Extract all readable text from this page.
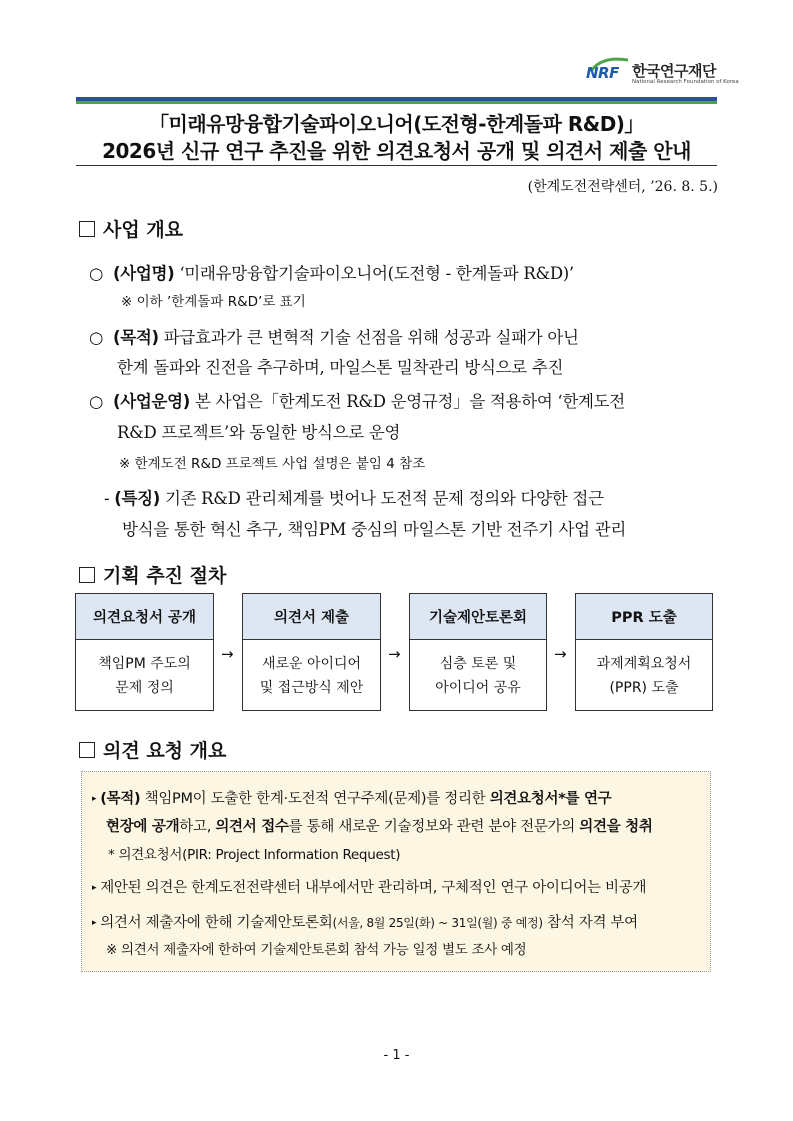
NRF 한국연구재단
National Research Foundation of Korea
「미래유망융합기술파이오니어(도전형-한계돌파 R&D)」
2026년 신규 연구 추진을 위한 의견요청서 공개 및 의견서 제출 안내
(한계도전전략센터, ’26. 8. 5.)
사업 개요
○ (사업명) ‘미래유망융합기술파이오니어(도전형 - 한계돌파 R&D)’
※ 이하 ’한계돌파 R&D’로 표기
○ (목적) 파급효과가 큰 변혁적 기술 선점을 위해 성공과 실패가 아닌
한계 돌파와 진전을 추구하며, 마일스톤 밀착관리 방식으로 추진
○ (사업운영) 본 사업은「한계도전 R&D 운영규정」을 적용하여 ‘한계도전
R&D 프로젝트’와 동일한 방식으로 운영
※ 한계도전 R&D 프로젝트 사업 설명은 붙임 4 참조
- (특징) 기존 R&D 관리체계를 벗어나 도전적 문제 정의와 다양한 접근
방식을 통한 혁신 추구, 책임PM 중심의 마일스톤 기반 전주기 사업 관리
기획 추진 절차
의견요청서 공개
책임PM 주도의
문제 정의
→
의견서 제출
새로운 아이디어
및 접근방식 제안
→
기술제안토론회
심층 토론 및
아이디어 공유
→
PPR 도출
과제계획요청서
(PPR) 도출
의견 요청 개요
▸ (목적) 책임PM이 도출한 한계·도전적 연구주제(문제)를 정리한 의견요청서*를 연구
현장에 공개하고, 의견서 접수를 통해 새로운 기술정보와 관련 분야 전문가의 의견을 청취
* 의견요청서(PIR: Project Information Request)
▸ 제안된 의견은 한계도전전략센터 내부에서만 관리하며, 구체적인 연구 아이디어는 비공개
▸ 의견서 제출자에 한해 기술제안토론회(서울, 8월 25일(화) ~ 31일(월) 중 예정) 참석 자격 부여
※ 의견서 제출자에 한하여 기술제안토론회 참석 가능 일정 별도 조사 예정
- 1 -
